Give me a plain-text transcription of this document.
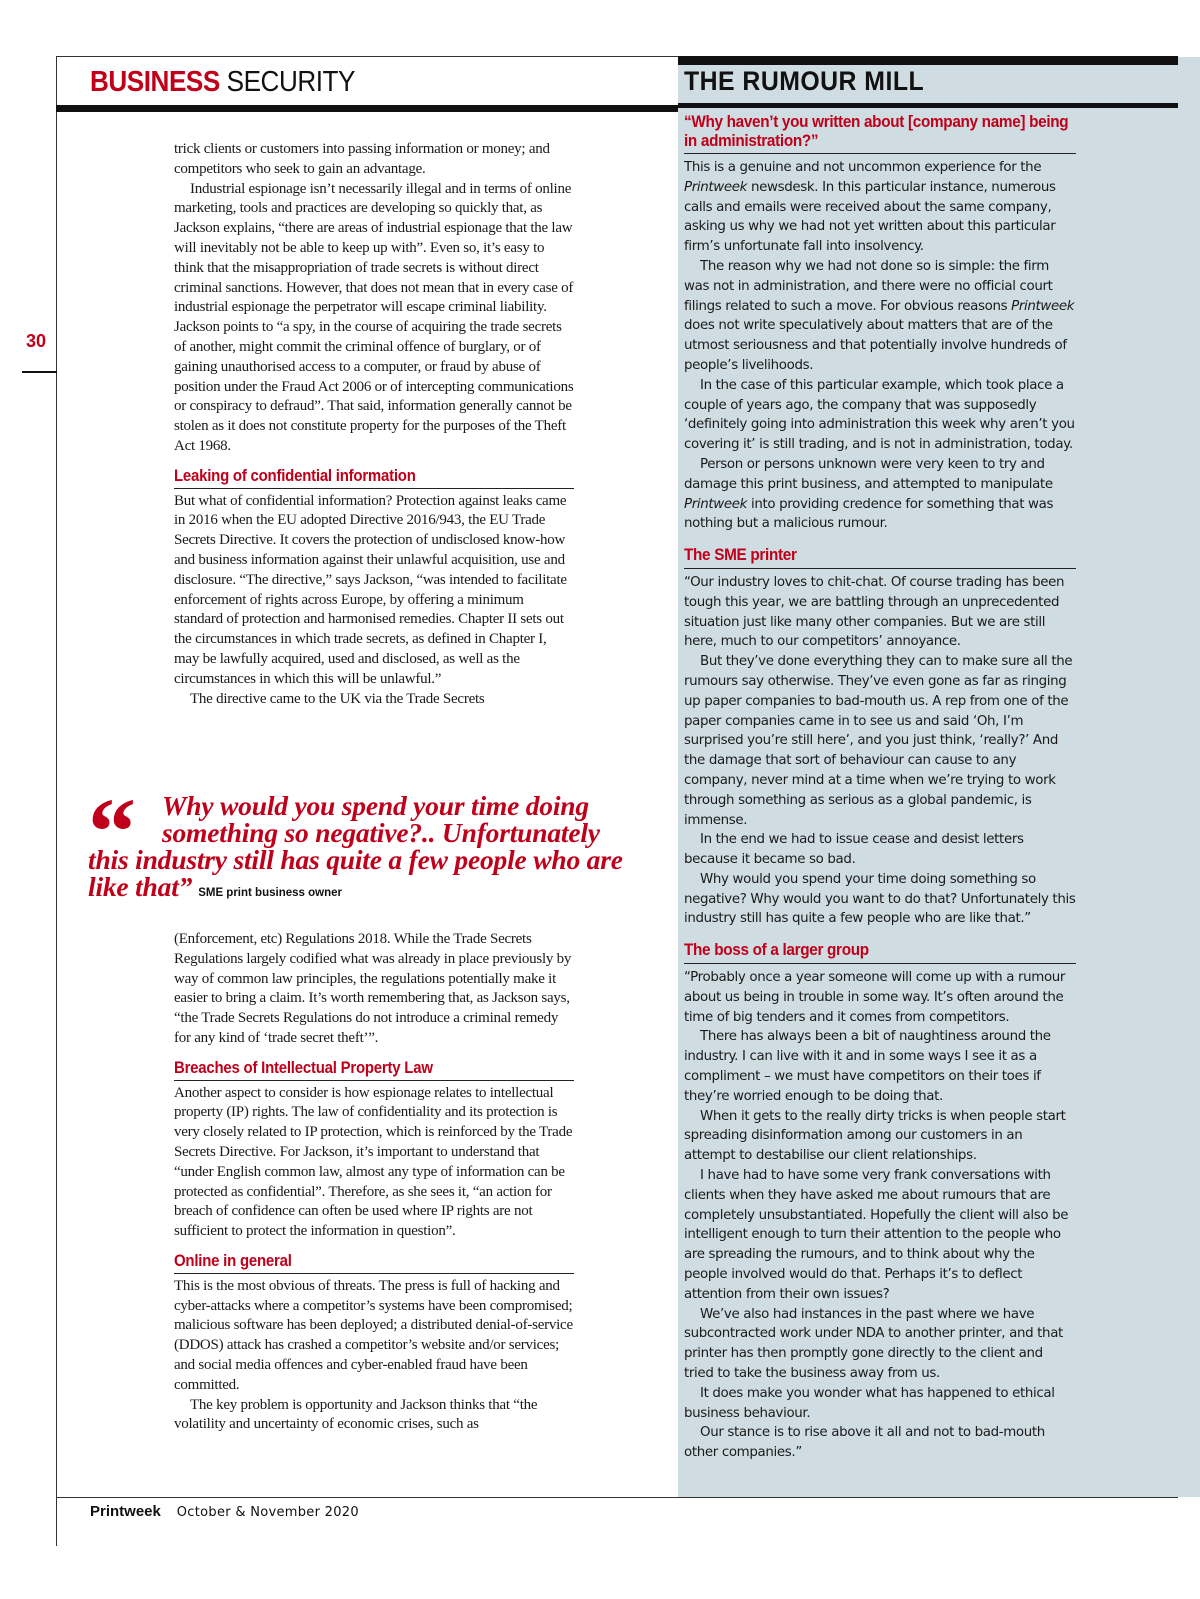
BUSINESS SECURITY
30

trick clients or customers into passing information or money; and competitors who seek to gain an advantage.

Industrial espionage isn’t necessarily illegal and in terms of online marketing, tools and practices are developing so quickly that, as Jackson explains, “there are areas of industrial espionage that the law will inevitably not be able to keep up with”. Even so, it’s easy to think that the misappropriation of trade secrets is without direct criminal sanctions. However, that does not mean that in every case of industrial espionage the perpetrator will escape criminal liability. Jackson points to “a spy, in the course of acquiring the trade secrets of another, might commit the criminal offence of burglary, or of gaining unauthorised access to a computer, or fraud by abuse of position under the Fraud Act 2006 or of intercepting communications or conspiracy to defraud”. That said, information generally cannot be stolen as it does not constitute property for the purposes of the Theft Act 1968.

Leaking of confidential information

But what of confidential information? Protection against leaks came in 2016 when the EU adopted Directive 2016/943, the EU Trade Secrets Directive. It covers the protection of undisclosed know-how and business information against their unlawful acquisition, use and disclosure. “The directive,” says Jackson, “was intended to facilitate enforcement of rights across Europe, by offering a minimum standard of protection and harmonised remedies. Chapter II sets out the circumstances in which trade secrets, as defined in Chapter I, may be lawfully acquired, used and disclosed, as well as the circumstances in which this will be unlawful.”

The directive came to the UK via the Trade Secrets

“ Why would you spend your time doing something so negative?.. Unfortunately
this industry still has quite a few people who are like that” SME print business owner

(Enforcement, etc) Regulations 2018. While the Trade Secrets Regulations largely codified what was already in place previously by way of common law principles, the regulations potentially make it easier to bring a claim. It’s worth remembering that, as Jackson says, “the Trade Secrets Regulations do not introduce a criminal remedy for any kind of ‘trade secret theft’”.

Breaches of Intellectual Property Law

Another aspect to consider is how espionage relates to intellectual property (IP) rights. The law of confidentiality and its protection is very closely related to IP protection, which is reinforced by the Trade Secrets Directive. For Jackson, it’s important to understand that “under English common law, almost any type of information can be protected as confidential”. Therefore, as she sees it, “an action for breach of confidence can often be used where IP rights are not sufficient to protect the information in question”.

Online in general

This is the most obvious of threats. The press is full of hacking and cyber-attacks where a competitor’s systems have been compromised; malicious software has been deployed; a distributed denial-of-service (DDOS) attack has crashed a competitor’s website and/or services; and social media offences and cyber-enabled fraud have been committed.

The key problem is opportunity and Jackson thinks that “the volatility and uncertainty of economic crises, such as

THE RUMOUR MILL
“Why haven’t you written about [company name] being in administration?”

This is a genuine and not uncommon experience for the Printweek newsdesk. In this particular instance, numerous calls and emails were received about the same company, asking us why we had not yet written about this particular firm’s unfortunate fall into insolvency.

The reason why we had not done so is simple: the firm was not in administration, and there were no official court filings related to such a move. For obvious reasons Printweek does not write speculatively about matters that are of the utmost seriousness and that potentially involve hundreds of people’s livelihoods.

In the case of this particular example, which took place a couple of years ago, the company that was supposedly ‘definitely going into administration this week why aren’t you covering it’ is still trading, and is not in administration, today.

Person or persons unknown were very keen to try and damage this print business, and attempted to manipulate Printweek into providing credence for something that was nothing but a malicious rumour.

The SME printer

“Our industry loves to chit-chat. Of course trading has been tough this year, we are battling through an unprecedented situation just like many other companies. But we are still here, much to our competitors’ annoyance.

But they’ve done everything they can to make sure all the rumours say otherwise. They’ve even gone as far as ringing up paper companies to bad-mouth us. A rep from one of the paper companies came in to see us and said ‘Oh, I’m surprised you’re still here’, and you just think, ‘really?’ And the damage that sort of behaviour can cause to any company, never mind at a time when we’re trying to work through something as serious as a global pandemic, is immense.

In the end we had to issue cease and desist letters because it became so bad.

Why would you spend your time doing something so negative? Why would you want to do that? Unfortunately this industry still has quite a few people who are like that.”

The boss of a larger group

“Probably once a year someone will come up with a rumour about us being in trouble in some way. It’s often around the time of big tenders and it comes from competitors.

There has always been a bit of naughtiness around the industry. I can live with it and in some ways I see it as a compliment – we must have competitors on their toes if they’re worried enough to be doing that.

When it gets to the really dirty tricks is when people start spreading disinformation among our customers in an attempt to destabilise our client relationships.

I have had to have some very frank conversations with clients when they have asked me about rumours that are completely unsubstantiated. Hopefully the client will also be intelligent enough to turn their attention to the people who are spreading the rumours, and to think about why the people involved would do that. Perhaps it’s to deflect attention from their own issues?

We’ve also had instances in the past where we have subcontracted work under NDA to another printer, and that printer has then promptly gone directly to the client and tried to take the business away from us.

It does make you wonder what has happened to ethical business behaviour.

Our stance is to rise above it all and not to bad-mouth other companies.”

Printweek October & November 2020
